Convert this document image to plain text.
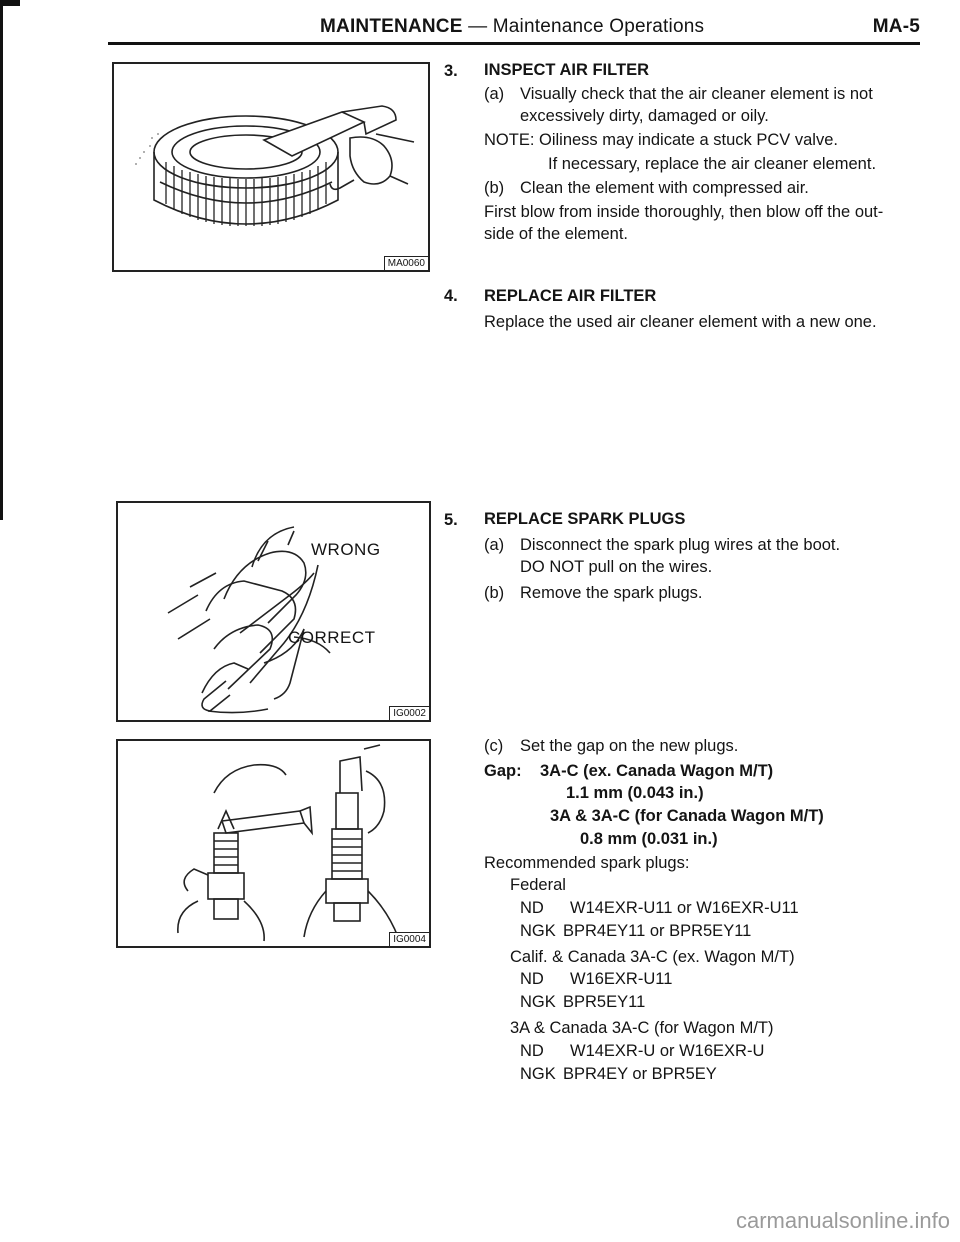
MAINTENANCE — Maintenance Operations	MA-5
MA0060
WRONG
CORRECT
IG0002
IG0004
3. INSPECT AIR FILTER
(a) Visually check that the air cleaner element is not
excessively dirty, damaged or oily.
NOTE: Oiliness may indicate a stuck PCV valve.
If necessary, replace the air cleaner element.
(b) Clean the element with compressed air.
First blow from inside thoroughly, then blow off the out-
side of the element.
4. REPLACE AIR FILTER
Replace the used air cleaner element with a new one.
5. REPLACE SPARK PLUGS
(a) Disconnect the spark plug wires at the boot.
DO NOT pull on the wires.
(b) Remove the spark plugs.
(c) Set the gap on the new plugs.
Gap: 3A-C (ex. Canada Wagon M/T)
1.1 mm (0.043 in.)
3A & 3A-C (for Canada Wagon M/T)
0.8 mm (0.031 in.)
Recommended spark plugs:
Federal
ND W14EXR-U11 or W16EXR-U11
NGK BPR4EY11 or BPR5EY11
Calif. & Canada 3A-C (ex. Wagon M/T)
ND W16EXR-U11
NGK BPR5EY11
3A & Canada 3A-C (for Wagon M/T)
ND W14EXR-U or W16EXR-U
NGK BPR4EY or BPR5EY
carmanualsonline.info
